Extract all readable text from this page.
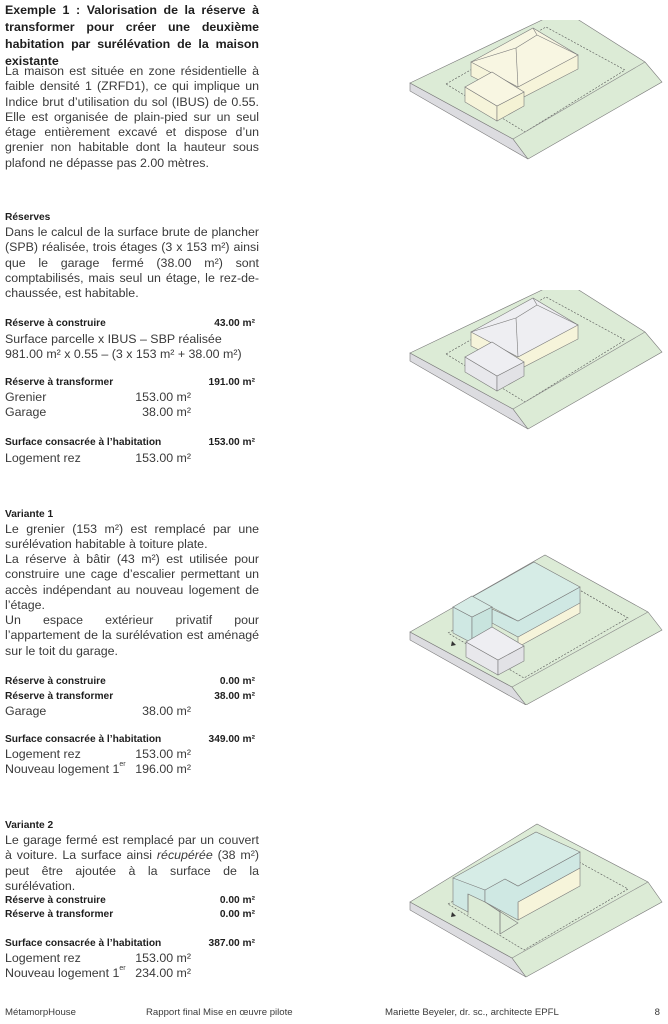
Exemple 1 : Valorisation de la réserve à transformer pour créer une deuxième habitation par surélévation de la maison existante
La maison est située en zone résidentielle à faible densité 1 (ZRFD1), ce qui implique un Indice brut d’utilisation du sol (IBUS) de 0.55. Elle est organisée de plain-pied sur un seul étage entièrement excavé et dispose d’un grenier non habitable dont la hauteur sous plafond ne dépasse pas 2.00 mètres.
Réserves
Dans le calcul de la surface brute de plancher (SPB) réalisée, trois étages (3 x 153 m²) ainsi que le garage fermé (38.00 m²) sont comptabilisés, mais seul un étage, le rez-de-chaussée, est habitable.
Réserve à construire	43.00 m²
Surface parcelle x IBUS – SBP réalisée
981.00 m² x 0.55 – (3 x 153 m² + 38.00 m²)
Réserve à transformer	191.00 m²
Grenier	153.00 m²
Garage	38.00 m²
Surface consacrée à l’habitation	153.00 m²
Logement rez	153.00 m²
Variante 1
Le grenier (153 m²) est remplacé par une surélévation habitable à toiture plate.
La réserve à bâtir (43 m²) est utilisée pour construire une cage d’escalier permettant un accès indépendant au nouveau logement de l’étage.
Un espace extérieur privatif pour l’appartement de la surélévation est aménagé sur le toit du garage.
Réserve à construire	0.00 m²
Réserve à transformer	38.00 m²
Garage	38.00 m²
Surface consacrée à l’habitation	349.00 m²
Logement rez	153.00 m²
Nouveau logement 1er 196.00 m²
Variante 2
Le garage fermé est remplacé par un couvert à voiture. La surface ainsi récupérée (38 m²) peut être ajoutée à la surface de la surélévation.
Réserve à construire	0.00 m²
Réserve à transformer	0.00 m²
Surface consacrée à l’habitation	387.00 m²
Logement rez	153.00 m²
Nouveau logement 1er 234.00 m²
MétamorpHouse	Rapport final Mise en œuvre pilote	Mariette Beyeler, dr. sc., architecte EPFL	8
